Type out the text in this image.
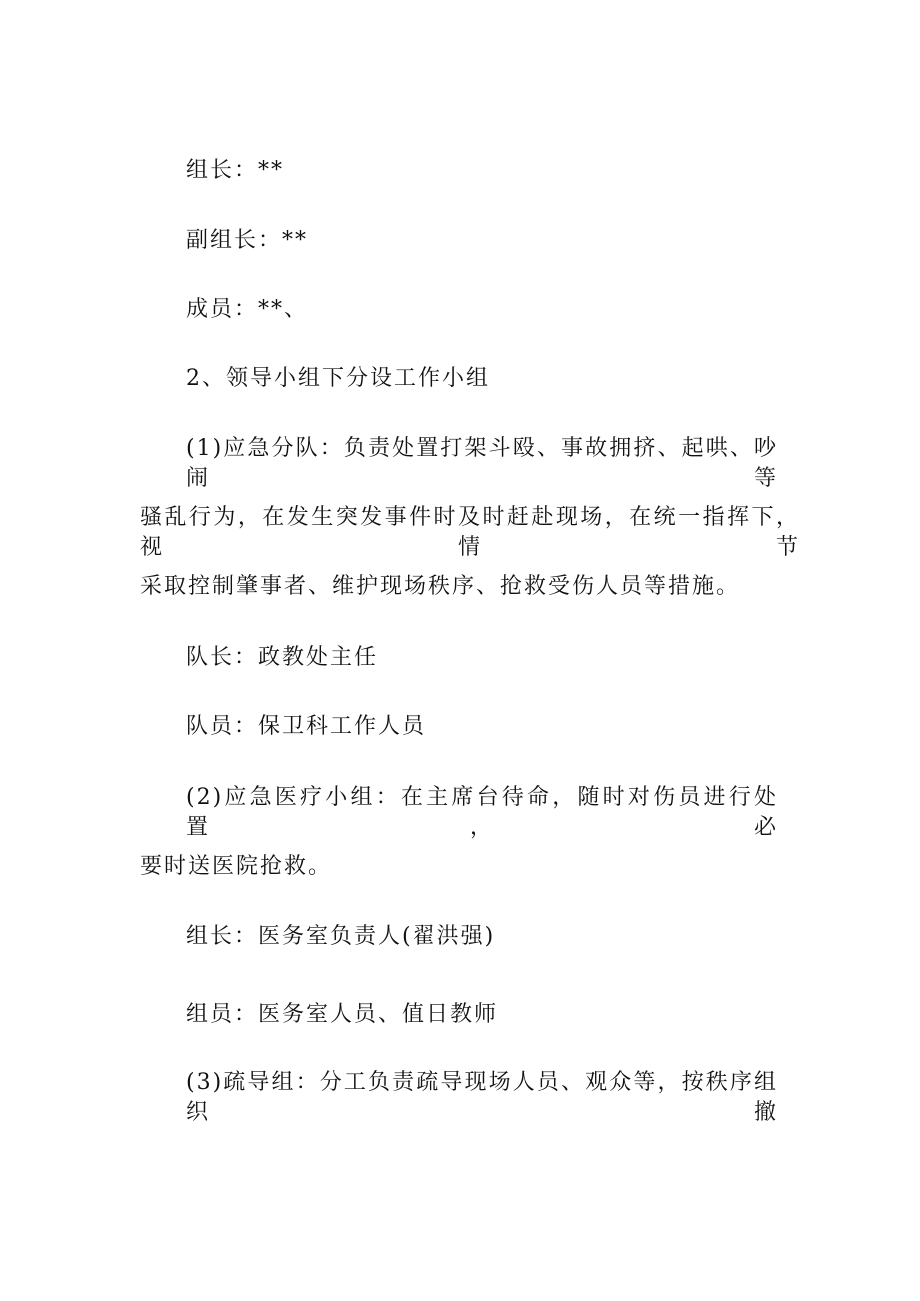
组长：**
副组长：**
成员：**、
2、领导小组下分设工作小组
(1)应急分队：负责处置打架斗殴、事故拥挤、起哄、吵闹等
骚乱行为，在发生突发事件时及时赶赴现场，在统一指挥下，视情节
采取控制肇事者、维护现场秩序、抢救受伤人员等措施。
队长：政教处主任
队员：保卫科工作人员
(2)应急医疗小组：在主席台待命，随时对伤员进行处置，必
要时送医院抢救。
组长：医务室负责人(翟洪强)
组员：医务室人员、值日教师
(3)疏导组：分工负责疏导现场人员、观众等，按秩序组织撤
